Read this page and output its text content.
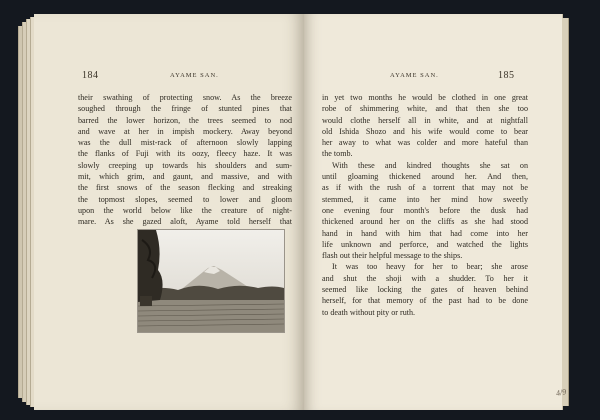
184	AYAME SAN.
their swathing of protecting snow. As the breeze
soughed through the fringe of stunted pines that
barred the lower horizon, the trees seemed to nod
and wave at her in impish mockery. Away beyond
was the dull mist-rack of afternoon slowly lapping
the flanks of Fuji with its oozy, fleecy haze. It was
slowly creeping up towards his shoulders and sum-
mit, which grim, and gaunt, and massive, and with
the first snows of the season flecking and streaking
the topmost slopes, seemed to lower and gloom
upon the world below like the creature of night-
mare. As she gazed aloft, Ayame told herself that
AYAME SAN.	185
in yet two months he would be clothed in one great
robe of shimmering white, and that then she too
would clothe herself all in white, and at nightfall
old Ishida Shozo and his wife would come to bear
her away to what was colder and more hateful than
the tomb.
With these and kindred thoughts she sat on
until gloaming thickened around her. And then,
as if with the rush of a torrent that may not be
stemmed, it came into her mind how sweetly
one evening four month's before the dusk had
thickened around her on the cliffs as she had stood
hand in hand with him that had come into her
life unknown and perforce, and watched the lights
flash out their helpful message to the ships.
It was too heavy for her to bear; she arose
and shut the shoji with a shudder. To her it
seemed like locking the gates of heaven behind
herself, for that memory of the past had to be done
to death without pity or ruth.
4/9
